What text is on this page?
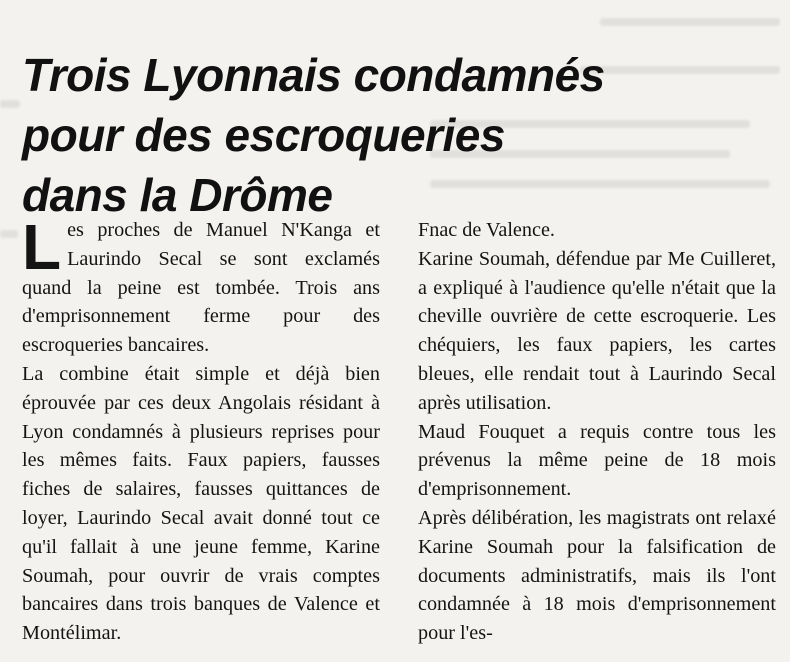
Trois Lyonnais condamnés
pour des escroqueries
dans la Drôme

Les proches de Manuel N'Kanga et Laurindo Secal se sont exclamés quand la peine est tombée. Trois ans d'emprisonnement ferme pour des escroqueries bancaires.

La combine était simple et déjà bien éprouvée par ces deux Angolais résidant à Lyon condamnés à plusieurs reprises pour les mêmes faits. Faux papiers, fausses fiches de salaires, fausses quittances de loyer, Laurindo Secal avait donné tout ce qu'il fallait à une jeune femme, Karine Soumah, pour ouvrir de vrais comptes bancaires dans trois banques de Valence et Montélimar.

Fnac de Valence.

Karine Soumah, défendue par Me Cuilleret, a expliqué à l'audience qu'elle n'était que la cheville ouvrière de cette escroquerie. Les chéquiers, les faux papiers, les cartes bleues, elle rendait tout à Laurindo Secal après utilisation.

Maud Fouquet a requis contre tous les prévenus la même peine de 18 mois d'emprisonnement.

Après délibération, les magistrats ont relaxé Karine Soumah pour la falsification de documents administratifs, mais ils l'ont condamnée à 18 mois d'emprisonnement pour l'es-
